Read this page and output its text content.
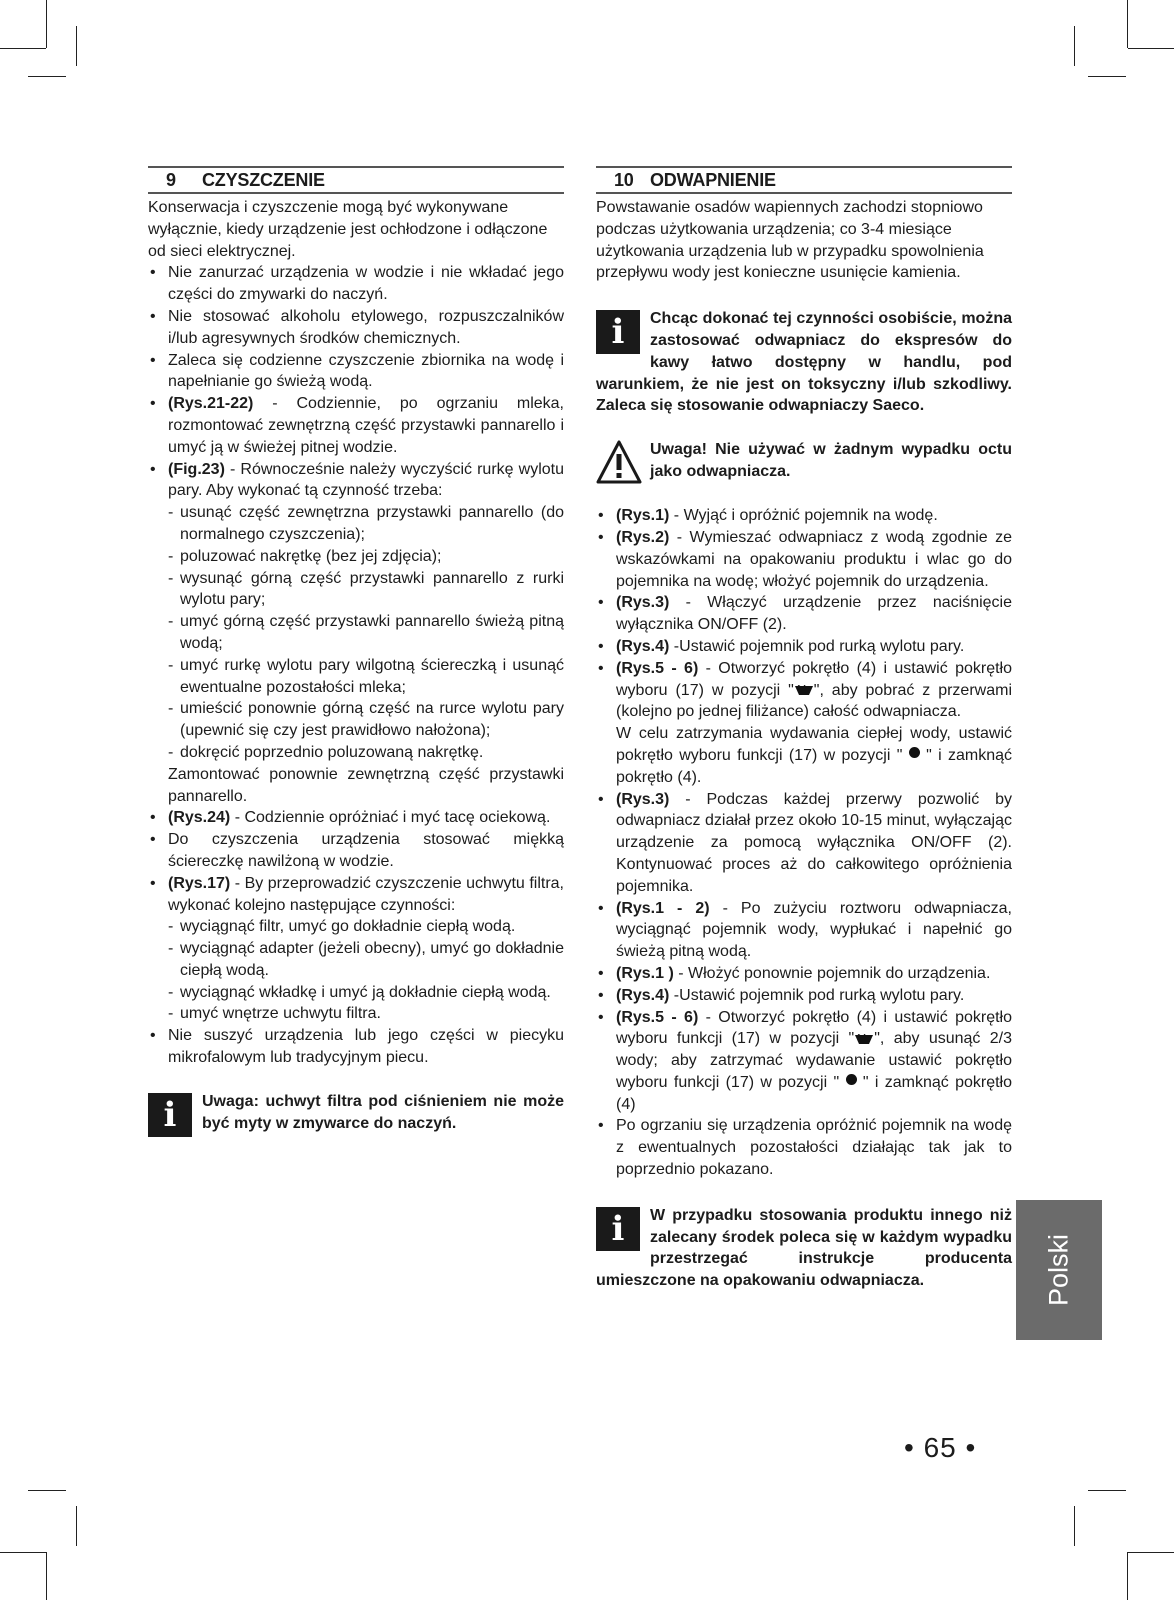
9 CZYSZCZENIE

Konserwacja i czyszczenie mogą być wykonywane wyłącznie, kiedy urządzenie jest ochłodzone i odłączone od sieci elektrycznej.

• Nie zanurzać urządzenia w wodzie i nie wkładać jego części do zmywarki do naczyń.
• Nie stosować alkoholu etylowego, rozpuszczalników i/lub agresywnych środków chemicznych.
• Zaleca się codzienne czyszczenie zbiornika na wodę i napełnianie go świeżą wodą.
• (Rys.21-22) - Codziennie, po ogrzaniu mleka, rozmontować zewnętrzną część przystawki pannarello i umyć ją w świeżej pitnej wodzie.
• (Fig.23) - Równocześnie należy wyczyścić rurkę wylotu pary. Aby wykonać tą czynność trzeba:
- usunąć część zewnętrzna przystawki pannarello (do normalnego czyszczenia);
- poluzować nakrętkę (bez jej zdjęcia);
- wysunąć górną część przystawki pannarello z rurki wylotu pary;
- umyć górną część przystawki pannarello świeżą pitną wodą;
- umyć rurkę wylotu pary wilgotną ściereczką i usunąć ewentualne pozostałości mleka;
- umieścić ponownie górną część na rurce wylotu pary (upewnić się czy jest prawidłowo nałożona);
- dokręcić poprzednio poluzowaną nakrętkę.

Zamontować ponownie zewnętrzną część przystawki pannarello.

• (Rys.24) - Codziennie opróżniać i myć tacę ociekową.
• Do czyszczenia urządzenia stosować miękką ściereczkę nawilżoną w wodzie.
• (Rys.17) - By przeprowadzić czyszczenie uchwytu filtra, wykonać kolejno następujące czynności:
- wyciągnąć filtr, umyć go dokładnie ciepłą wodą.
- wyciągnąć adapter (jeżeli obecny), umyć go dokładnie ciepłą wodą.
- wyciągnąć wkładkę i umyć ją dokładnie ciepłą wodą.
- umyć wnętrze uchwytu filtra.
• Nie suszyć urządzenia lub jego części w piecyku mikrofalowym lub tradycyjnym piecu.
i	Uwaga: uchwyt filtra pod ciśnieniem nie może być myty w zmywarce do naczyń.
10 ODWAPNIENIE

Powstawanie osadów wapiennych zachodzi stopniowo podczas użytkowania urządzenia; co 3-4 miesiące użytkowania urządzenia lub w przypadku spowolnienia przepływu wody jest konieczne usunięcie kamienia.

i	Chcąc dokonać tej czynności osobiście, można zastosować odwapniacz do ekspresów do kawy łatwo dostępny w handlu, pod warunkiem, że nie jest on toksyczny i/lub szkodliwy. Zaleca się stosowanie odwapniaczy Saeco.
Uwaga! Nie używać w żadnym wypadku octu jako odwapniacza.
• (Rys.1) - Wyjąć i opróżnić pojemnik na wodę.
• (Rys.2) - Wymieszać odwapniacz z wodą zgodnie ze wskazówkami na opakowaniu produktu i wlac go do pojemnika na wodę; włożyć pojemnik do urządzenia.
• (Rys.3) - Włączyć urządzenie przez naciśnięcie wyłącznika ON/OFF (2).
• (Rys.4) -Ustawić pojemnik pod rurką wylotu pary.
• (Rys.5 - 6) - Otworzyć pokrętło (4) i ustawić pokrętło wyboru (17) w pozycji " ", aby pobrać z przerwami (kolejno po jednej filiżance) całość odwapniacza.
W celu zatrzymania wydawania ciepłej wody, ustawić pokrętło wyboru funkcji (17) w pozycji "  " i zamknąć pokrętło (4).
• (Rys.3) - Podczas każdej przerwy pozwolić by odwapniacz działał przez około 10-15 minut, wyłączając urządzenie za pomocą wyłącznika ON/OFF (2). Kontynuować proces aż do całkowitego opróżnienia pojemnika.
• (Rys.1 - 2) - Po zużyciu roztworu odwapniacza, wyciągnąć pojemnik wody, wypłukać i napełnić go świeżą pitną wodą.
• (Rys.1 ) - Włożyć ponownie pojemnik do urządzenia.
• (Rys.4) -Ustawić pojemnik pod rurką wylotu pary.
• (Rys.5 - 6) - Otworzyć pokrętło (4) i ustawić pokrętło wyboru funkcji (17) w pozycji " ", aby usunąć 2/3 wody; aby zatrzymać wydawanie ustawić pokrętło wyboru funkcji (17) w pozycji "  " i zamknąć pokrętło (4)
• Po ogrzaniu się urządzenia opróżnić pojemnik na wodę z ewentualnych pozostałości działając tak jak to poprzednio pokazano.
i	W przypadku stosowania produktu innego niż zalecany środek poleca się w każdym wypadku przestrzegać instrukcje producenta umieszczone na opakowaniu odwapniacza.	Polski
• 65 •
